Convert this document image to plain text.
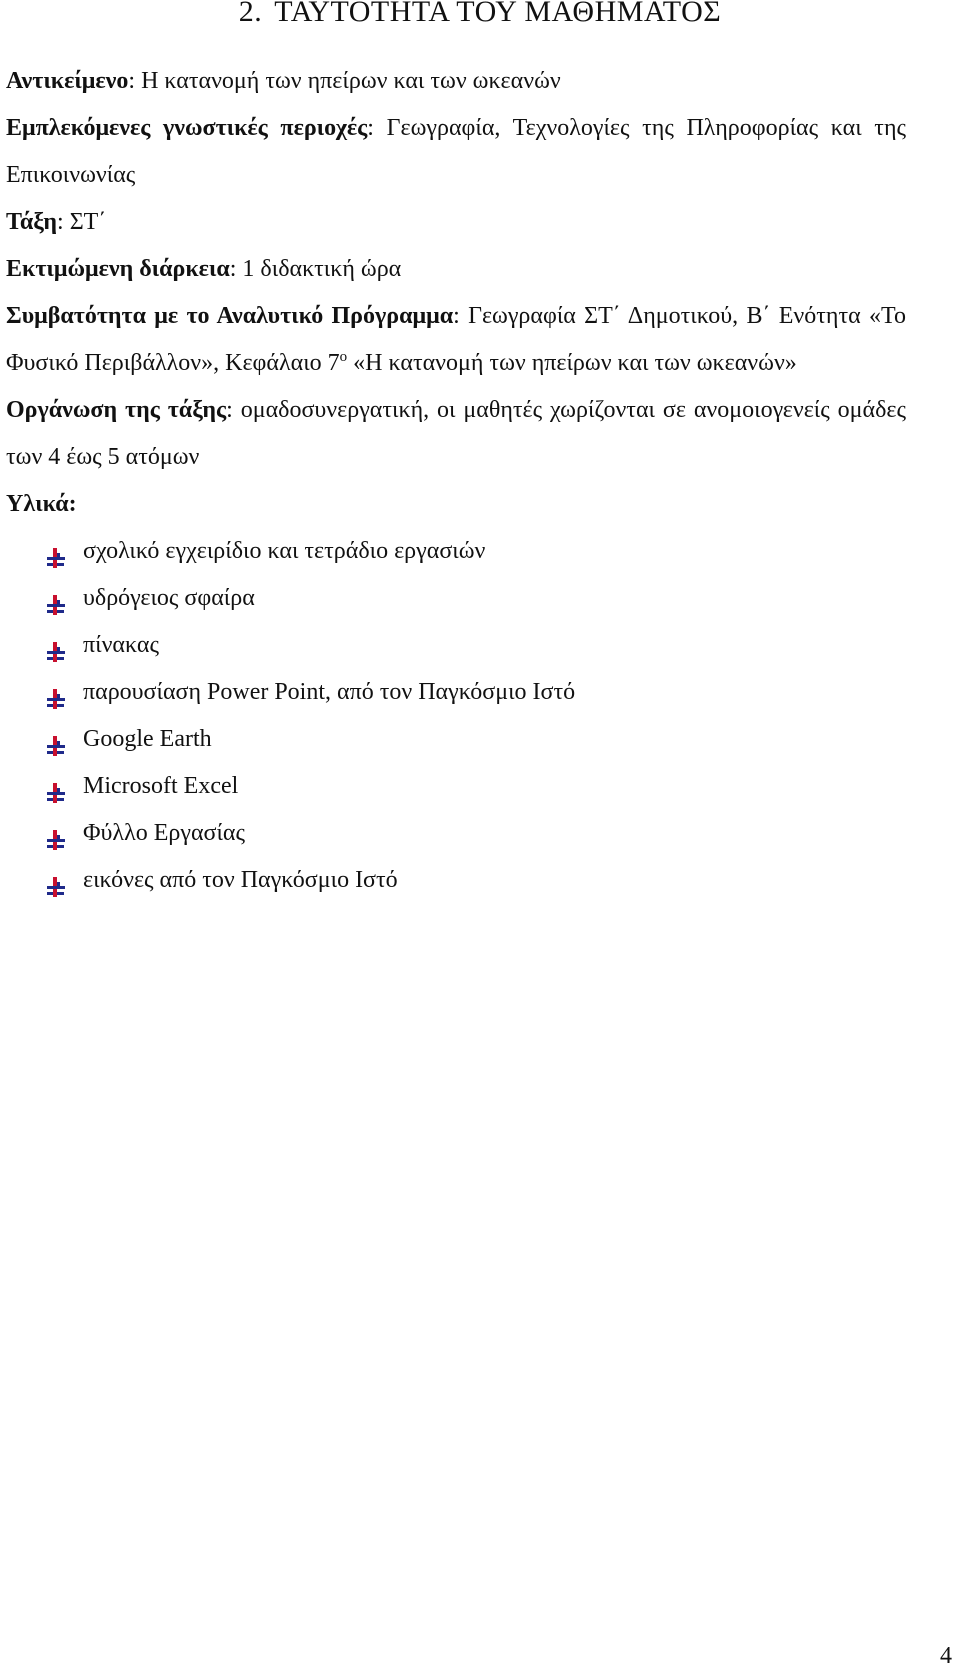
2. ΤΑΥΤΟΤΗΤΑ ΤΟΥ ΜΑΘΗΜΑΤΟΣ

Αντικείμενο: Η κατανομή των ηπείρων και των ωκεανών

Εμπλεκόμενες γνωστικές περιοχές: Γεωγραφία, Τεχνολογίες της Πληροφορίας και της Επικοινωνίας

Τάξη: ΣΤ΄

Εκτιμώμενη διάρκεια: 1 διδακτική ώρα

Συμβατότητα με το Αναλυτικό Πρόγραμμα: Γεωγραφία ΣΤ΄ Δημοτικού, Β΄ Ενότητα «Το Φυσικό Περιβάλλον», Κεφάλαιο $7^o$ «Η κατανομή των ηπείρων και των ωκεανών»

Οργάνωση της τάξης: ομαδοσυνεργατική, οι μαθητές χωρίζονται σε ανομοιογενείς ομάδες των 4 έως 5 ατόμων

Υλικά:

σχολικό εγχειρίδιο και τετράδιο εργασιών
υδρόγειος σφαίρα
πίνακας
παρουσίαση Power Point, από τον Παγκόσμιο Ιστό
Google Earth
Microsoft Excel
Φύλλο Εργασίας
εικόνες από τον Παγκόσμιο Ιστό
4
